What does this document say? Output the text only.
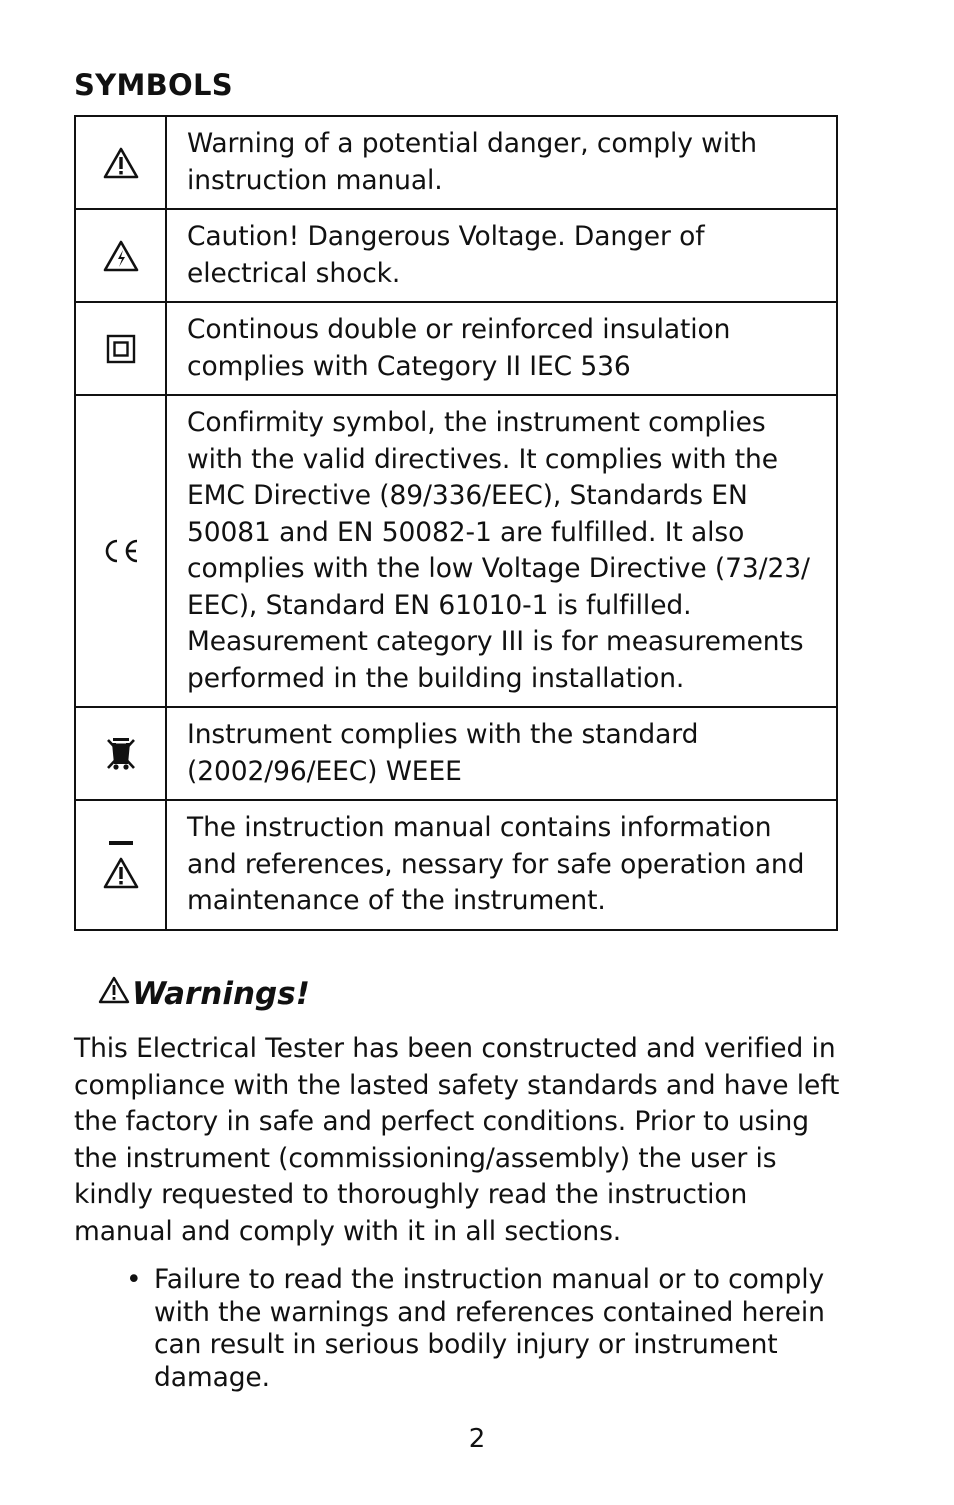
SYMBOLS
	Warning of a potential danger, comply with instruction manual.
	Caution! Dangerous Voltage. Danger of electrical shock.
	Continous double or reinforced insulation complies with Category II IEC 536
	Confirmity symbol, the instrument complies with the valid directives. It complies with the EMC Directive (89/336/EEC), Standards EN 50081 and EN 50082-1 are fulfilled. It also complies with the low Voltage Directive (73/23/ EEC), Standard EN 61010-1 is fulfilled. Measurement category III is for measurements performed in the building installation.
	Instrument complies with the standard (2002/96/EEC) WEEE
	The instruction manual contains information and references, nessary for safe operation and maintenance of the instrument.
Warnings!

This Electrical Tester has been constructed and verified in compliance with the lasted safety standards and have left the factory in safe and perfect conditions. Prior to using the instrument (commissioning/assembly) the user is kindly requested to thoroughly read the instruction manual and comply with it in all sections.

• Failure to read the instruction manual or to comply with the warnings and references contained herein can result in serious bodily injury or instrument damage.
2
